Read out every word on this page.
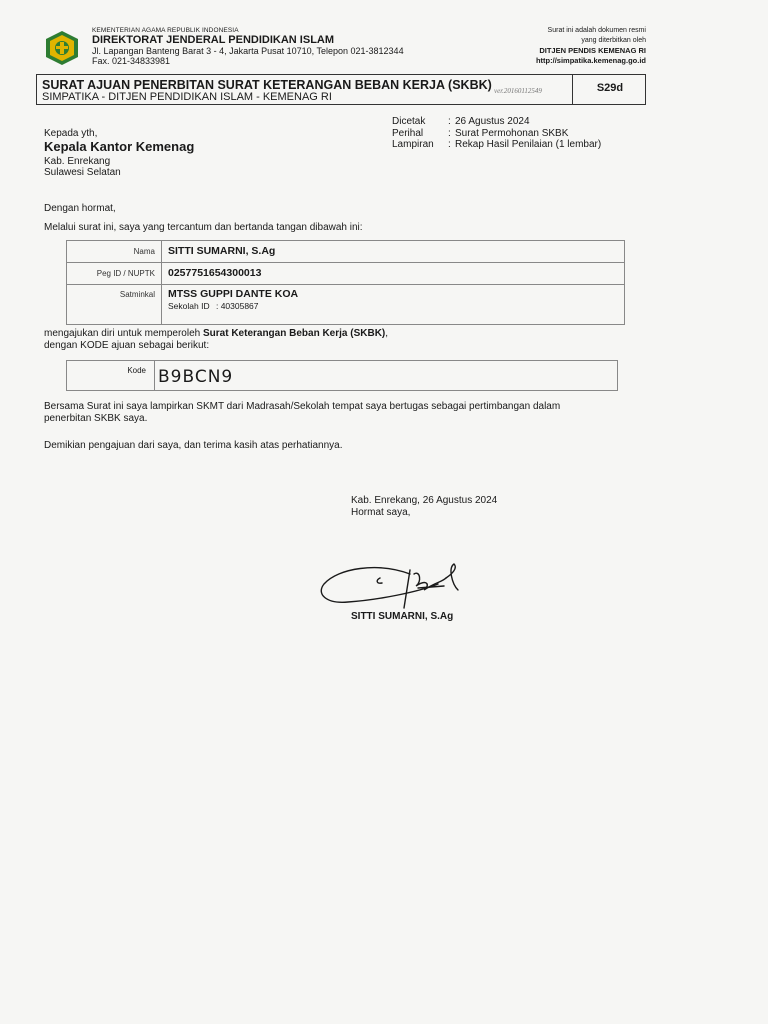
KEMENTERIAN AGAMA REPUBLIK INDONESIA
DIREKTORAT JENDERAL PENDIDIKAN ISLAM
Jl. Lapangan Banteng Barat 3 - 4, Jakarta Pusat 10710, Telepon 021-3812344
Fax. 021-34833981
Surat ini adalah dokumen resmi
yang diterbitkan oleh
DITJEN PENDIS KEMENAG RI
http://simpatika.kemenag.go.id
SURAT AJUAN PENERBITAN SURAT KETERANGAN BEBAN KERJA (SKBK)
SIMPATIKA - DITJEN PENDIDIKAN ISLAM - KEMENAG RI	ver.20160112549	S29d
Kepada yth,
Kepala Kantor Kemenag
Kab. Enrekang
Sulawesi Selatan
Dicetak : 26 Agustus 2024
Perihal : Surat Permohonan SKBK
Lampiran : Rekap Hasil Penilaian (1 lembar)
Dengan hormat,
Melalui surat ini, saya yang tercantum dan bertanda tangan dibawah ini:
Nama	SITTI SUMARNI, S.Ag
Peg ID / NUPTK	0257751654300013
Satminkal	MTSS GUPPI DANTE KOA
Sekolah ID : 40305867
mengajukan diri untuk memperoleh Surat Keterangan Beban Kerja (SKBK),
dengan KODE ajuan sebagai berikut:
Kode B9BCN9
Bersama Surat ini saya lampirkan SKMT dari Madrasah/Sekolah tempat saya bertugas sebagai pertimbangan dalam
penerbitan SKBK saya.
Demikian pengajuan dari saya, dan terima kasih atas perhatiannya.
Kab. Enrekang, 26 Agustus 2024
Hormat saya,
SITTI SUMARNI, S.Ag
